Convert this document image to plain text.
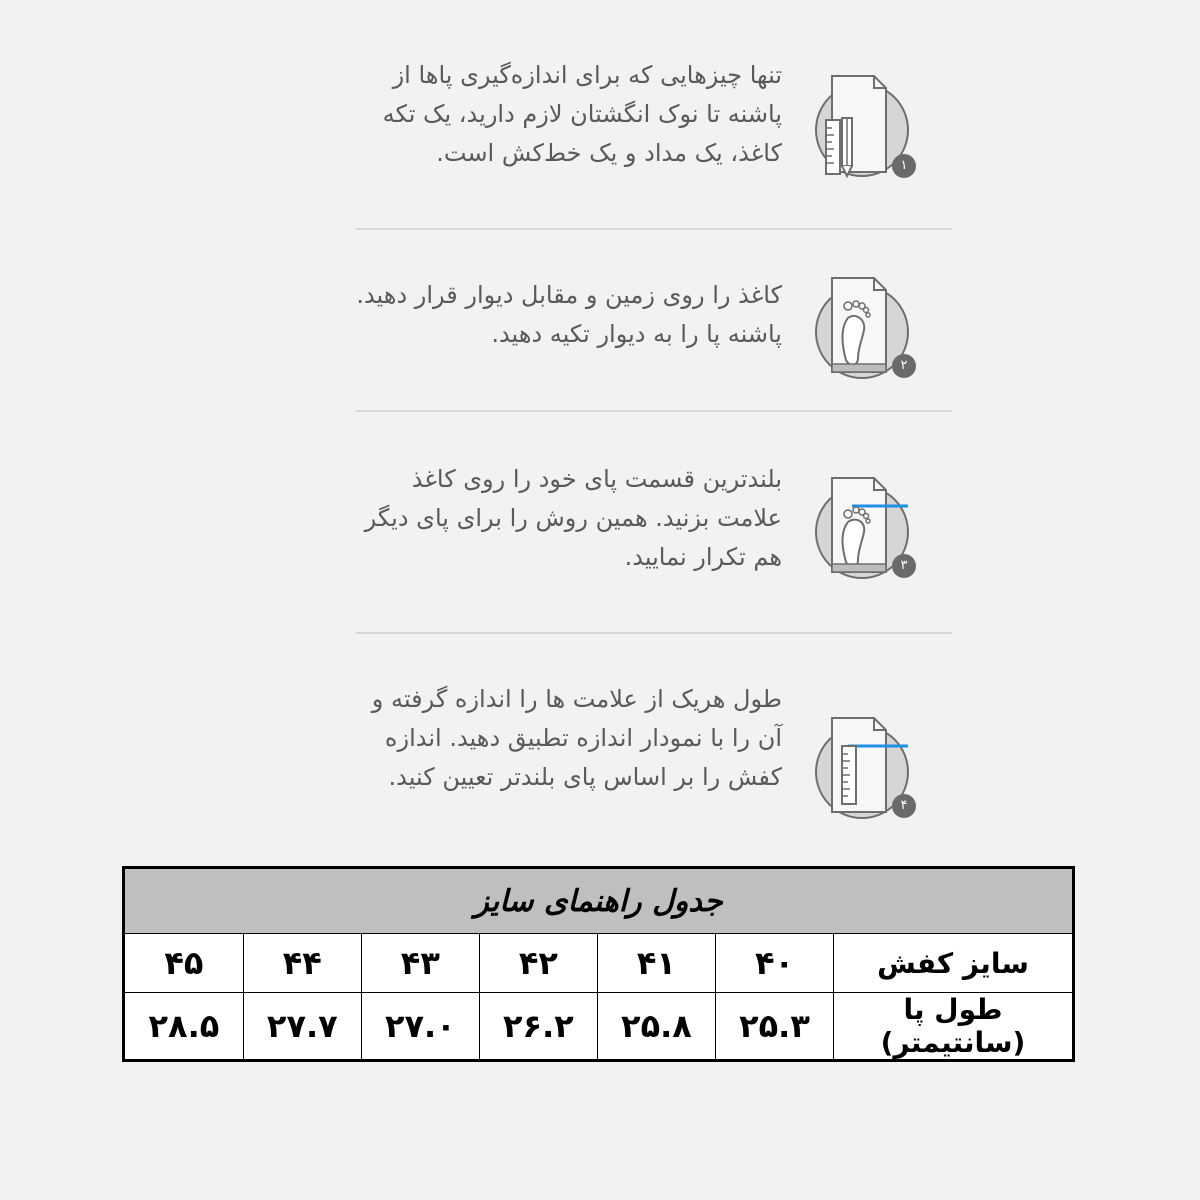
۱

تنها چیزهایی که برای اندازه‌گیری پاها از پاشنه تا نوک انگشتان لازم دارید، یک تکه کاغذ، یک مداد و یک خط‌کش است.

۲

کاغذ را روی زمین و مقابل دیوار قرار دهید. پاشنه پا را به دیوار تکیه دهید.

۳

بلندترین قسمت پای خود را روی کاغذ علامت بزنید. همین روش را برای پای دیگر هم تکرار نمایید.

۴

طول هریک از علامت ها را اندازه گرفته و آن را با نمودار اندازه تطبیق دهید. اندازه کفش را بر اساس پای بلندتر تعیین کنید.

جدول راهنمای سایز						
سایز کفش	۴۰	۴۱	۴۲	۴۳	۴۴	۴۵
طول پا (سانتیمتر)	۲۵.۳	۲۵.۸	۲۶.۲	۲۷.۰	۲۷.۷	۲۸.۵
